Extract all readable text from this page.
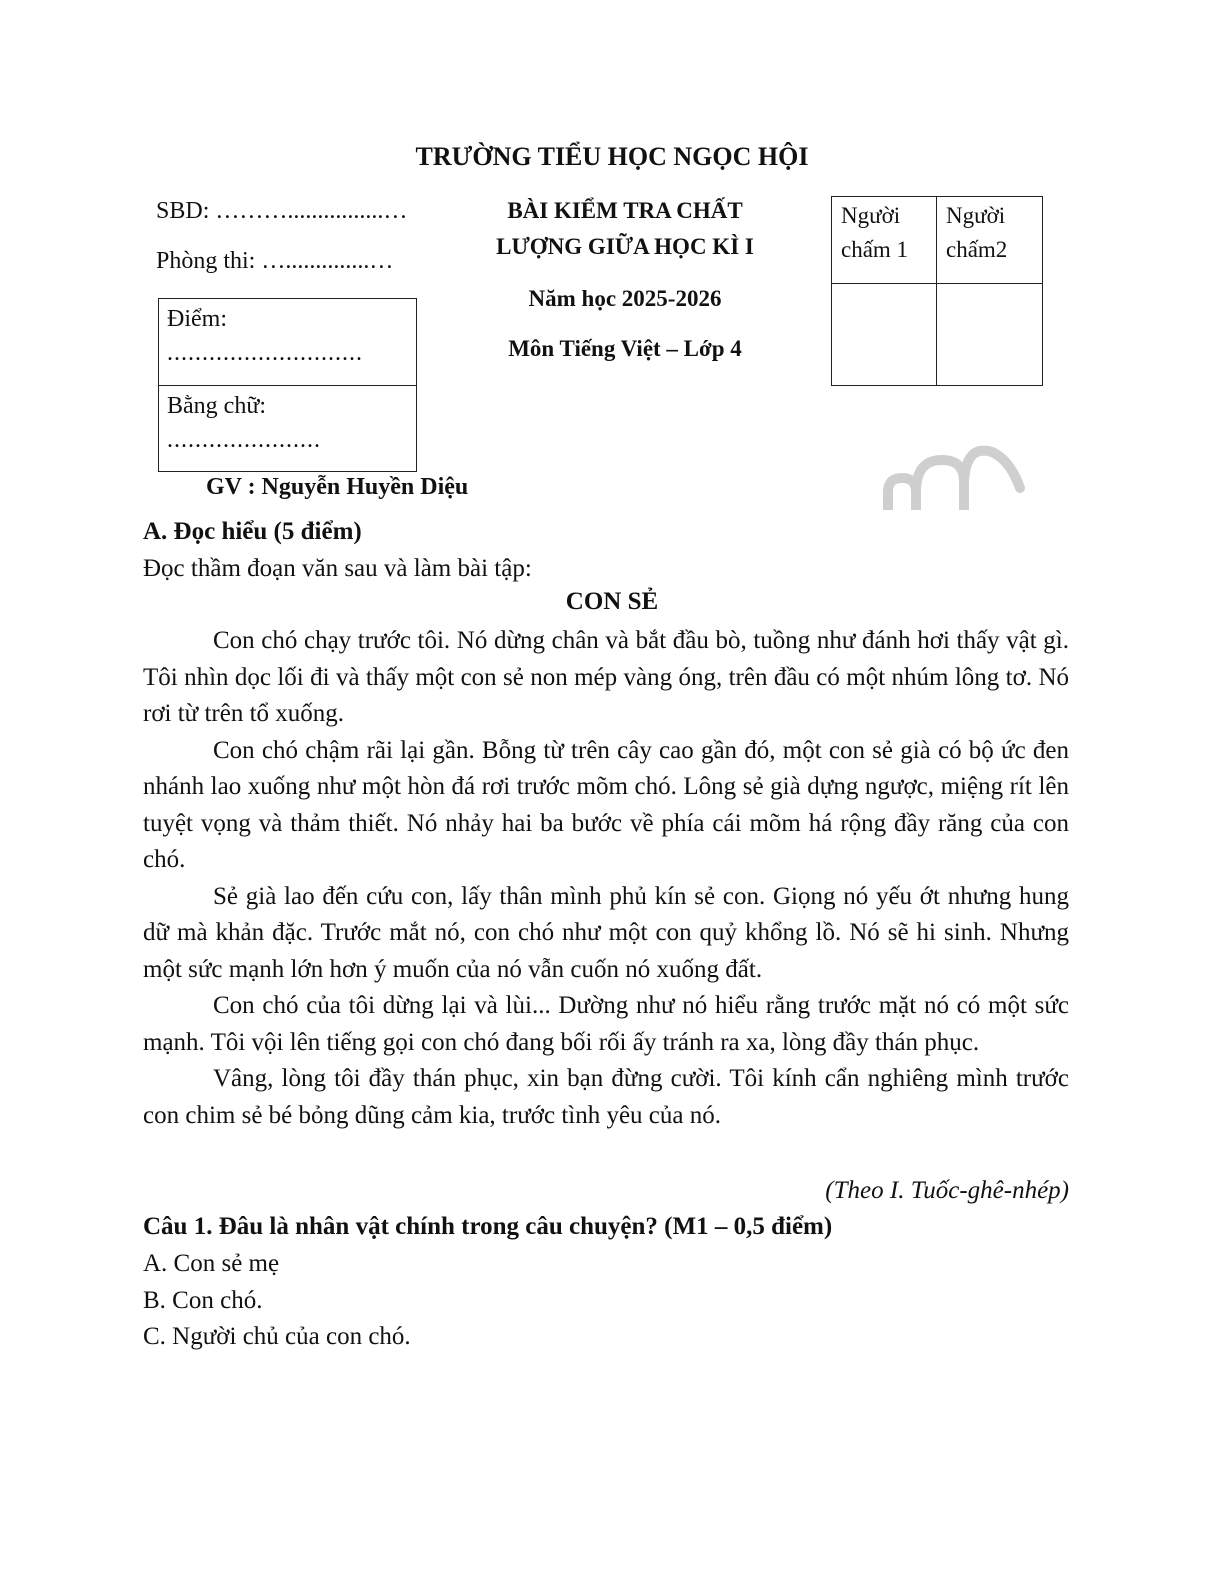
TRƯỜNG TIỂU HỌC NGỌC HỘI
SBD: ………................…
Phòng thi: …..............…
Điểm:
............................
Bằng chữ:
......................
BÀI KIỂM TRA CHẤT
LƯỢNG GIỮA HỌC KÌ I
Năm học 2025-2026
Môn Tiếng Việt – Lớp 4
Người chấm 1
Người chấm2
GV : Nguyễn Huyền Diệu
A. Đọc hiểu (5 điểm)
Đọc thầm đoạn văn sau và làm bài tập:
CON SẺ

Con chó chạy trước tôi. Nó dừng chân và bắt đầu bò, tuồng như đánh hơi thấy vật gì. Tôi nhìn dọc lối đi và thấy một con sẻ non mép vàng óng, trên đầu có một nhúm lông tơ. Nó rơi từ trên tổ xuống.

Con chó chậm rãi lại gần. Bỗng từ trên cây cao gần đó, một con sẻ già có bộ ức đen nhánh lao xuống như một hòn đá rơi trước mõm chó. Lông sẻ già dựng ngược, miệng rít lên tuyệt vọng và thảm thiết. Nó nhảy hai ba bước về phía cái mõm há rộng đầy răng của con chó.

Sẻ già lao đến cứu con, lấy thân mình phủ kín sẻ con. Giọng nó yếu ớt nhưng hung dữ mà khản đặc. Trước mắt nó, con chó như một con quỷ khổng lồ. Nó sẽ hi sinh. Nhưng một sức mạnh lớn hơn ý muốn của nó vẫn cuốn nó xuống đất.

Con chó của tôi dừng lại và lùi... Dường như nó hiểu rằng trước mặt nó có một sức mạnh. Tôi vội lên tiếng gọi con chó đang bối rối ấy tránh ra xa, lòng đầy thán phục.

Vâng, lòng tôi đầy thán phục, xin bạn đừng cười. Tôi kính cẩn nghiêng mình trước con chim sẻ bé bỏng dũng cảm kia, trước tình yêu của nó.

(Theo I. Tuốc-ghê-nhép)
Câu 1. Đâu là nhân vật chính trong câu chuyện? (M1 – 0,5 điểm)
A. Con sẻ mẹ
B. Con chó.
C. Người chủ của con chó.
